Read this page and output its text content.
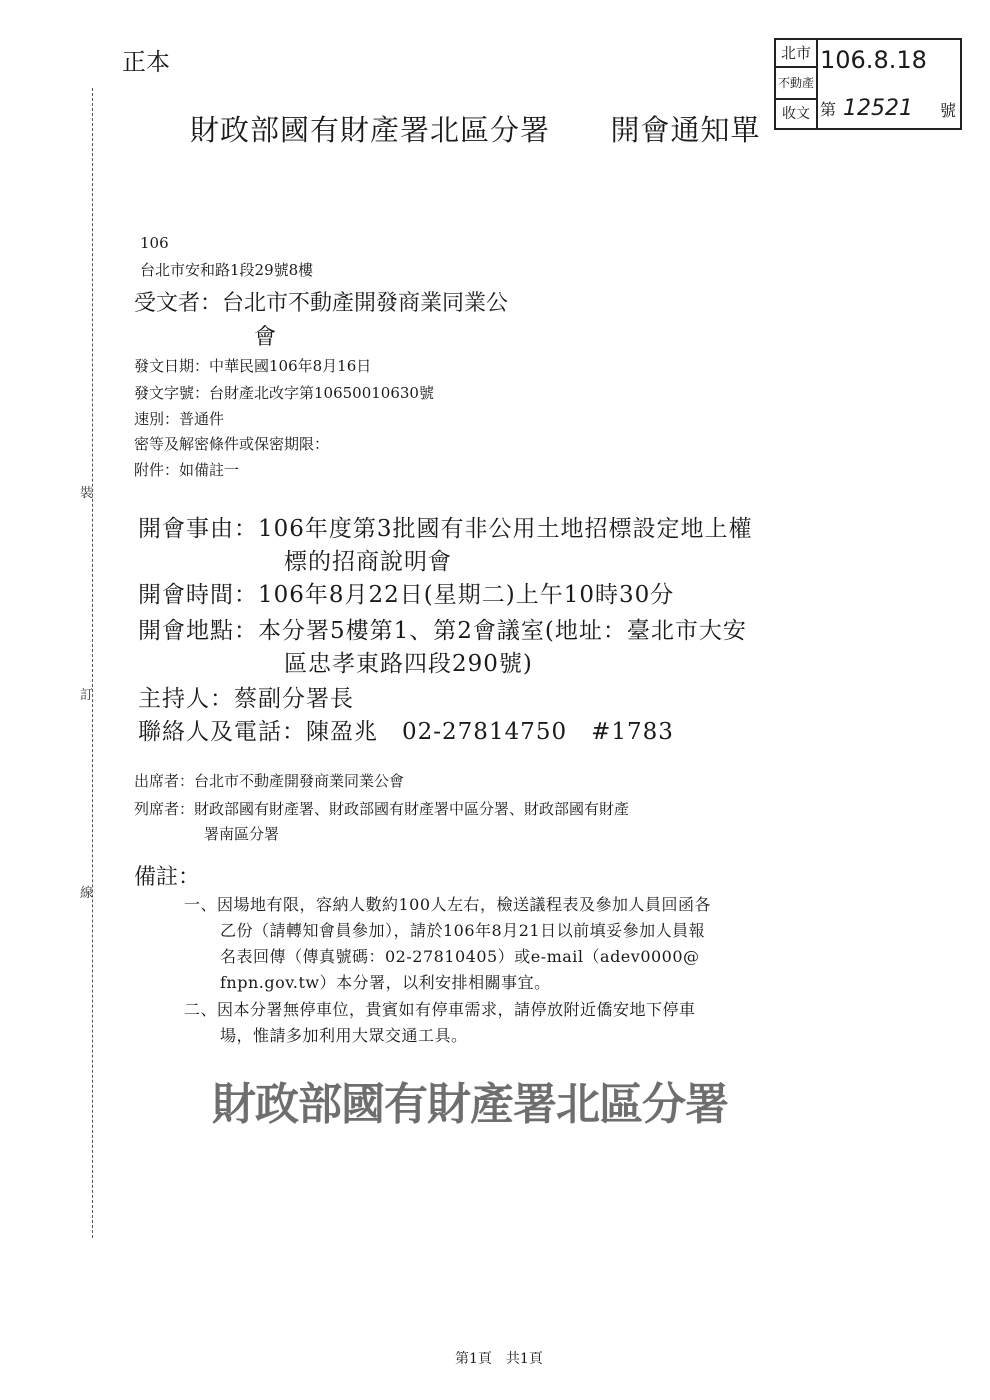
正本
裝
訂
線
財政部國有財產署北區分署 開會通知單
北市
不動產
收文
106.8.18
第 12521 號
106
台北市安和路1段29號8樓
受文者：台北市不動產開發商業同業公
會
發文日期：中華民國106年8月16日
發文字號：台財產北改字第10650010630號
速別：普通件
密等及解密條件或保密期限：
附件：如備註一
開會事由：106年度第3批國有非公用土地招標設定地上權
標的招商說明會
開會時間：106年8月22日(星期二)上午10時30分
開會地點：本分署5樓第1、第2會議室(地址：臺北市大安
區忠孝東路四段290號)
主持人：蔡副分署長
聯絡人及電話：陳盈兆　02-27814750　#1783
出席者：台北市不動產開發商業同業公會
列席者：財政部國有財產署、財政部國有財產署中區分署、財政部國有財產
署南區分署
備註：
一、因場地有限，容納人數約100人左右，檢送議程表及參加人員回函各
乙份（請轉知會員參加），請於106年8月21日以前填妥參加人員報
名表回傳（傳真號碼：02-27810405）或e-mail（adev0000@
fnpn.gov.tw）本分署，以利安排相關事宜。
二、因本分署無停車位，貴賓如有停車需求，請停放附近僑安地下停車
場，惟請多加利用大眾交通工具。
財政部國有財產署北區分署
第1頁　共1頁
